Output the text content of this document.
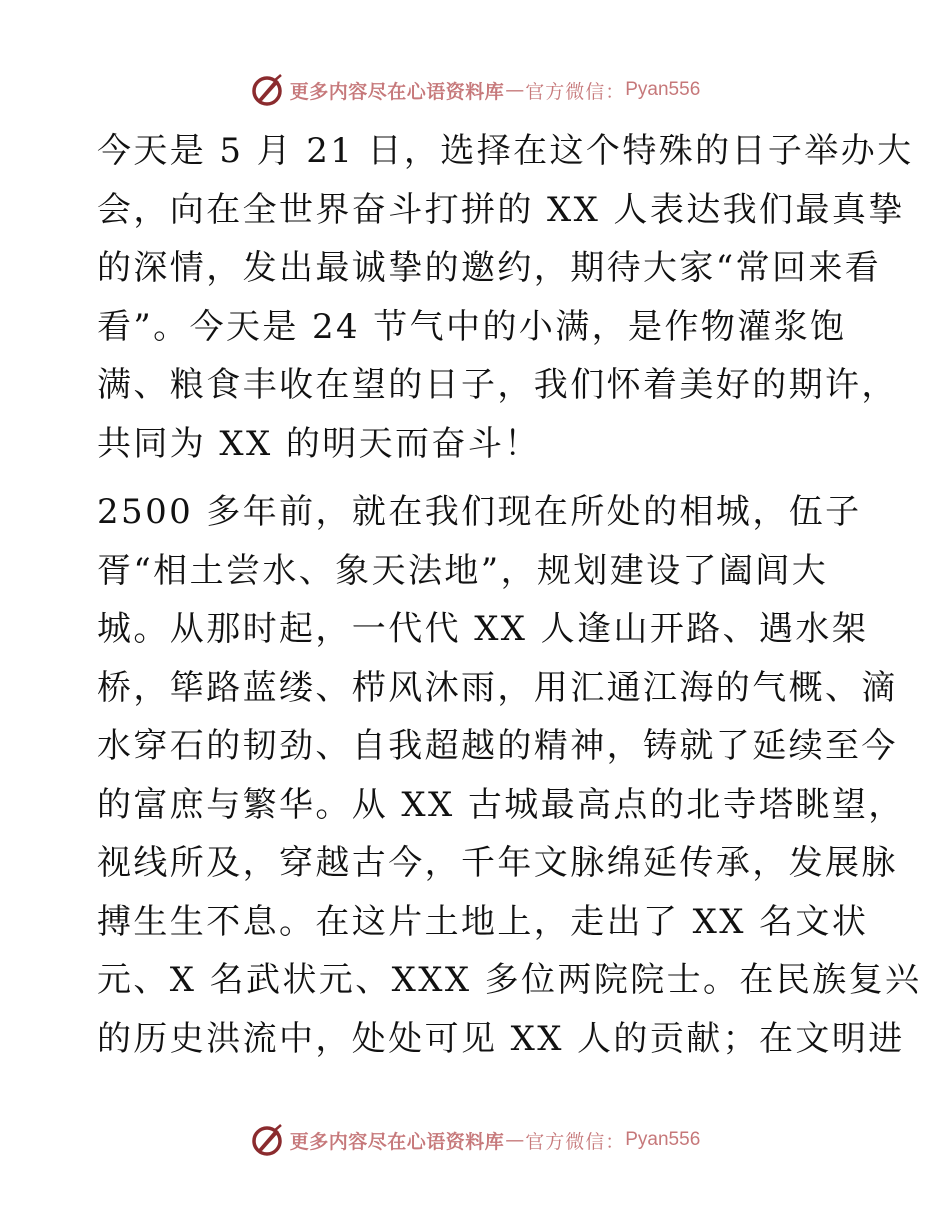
更多内容尽在心语资料库 — 官方微信： Pyan556

今天是 5 月 21 日，选择在这个特殊的日子举办大
会，向在全世界奋斗打拼的 XX 人表达我们最真挚
的深情，发出最诚挚的邀约，期待大家“常回来看
看”。今天是 24 节气中的小满，是作物灌浆饱
满、粮食丰收在望的日子，我们怀着美好的期许，
共同为 XX 的明天而奋斗！

2500 多年前，就在我们现在所处的相城，伍子
胥“相土尝水、象天法地”，规划建设了阖闾大
城。从那时起，一代代 XX 人逢山开路、遇水架
桥，筚路蓝缕、栉风沐雨，用汇通江海的气概、滴
水穿石的韧劲、自我超越的精神，铸就了延续至今
的富庶与繁华。从 XX 古城最高点的北寺塔眺望，
视线所及，穿越古今，千年文脉绵延传承，发展脉
搏生生不息。在这片土地上，走出了 XX 名文状
元、X 名武状元、XXX 多位两院院士。在民族复兴
的历史洪流中，处处可见 XX 人的贡献；在文明进

更多内容尽在心语资料库 — 官方微信： Pyan556
